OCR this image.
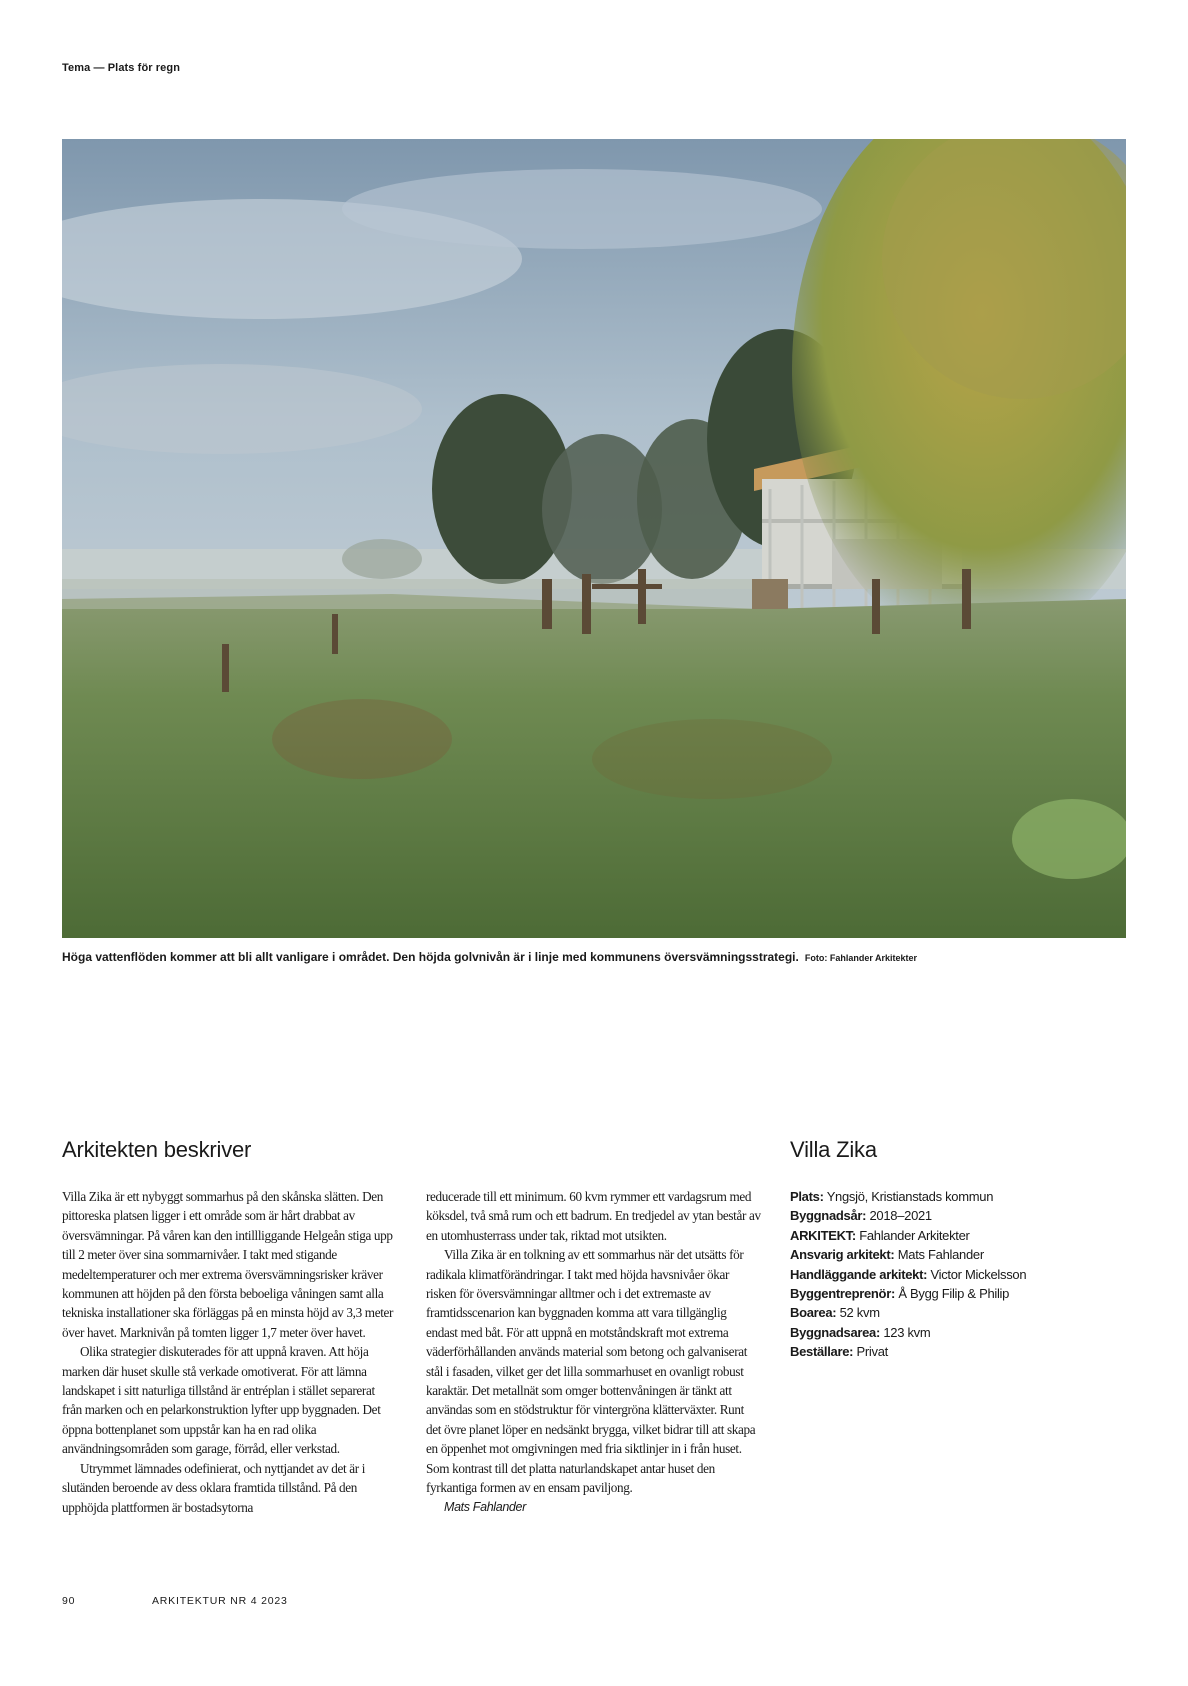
Tema — Plats för regn
Höga vattenflöden kommer att bli allt vanligare i området. Den höjda golvnivån är i linje med kommunens översvämningsstrategi. Foto: Fahlander Arkitekter
Arkitekten beskriver	Villa Zika

Villa Zika är ett nybyggt sommarhus på den skånska slätten. Den pittoreska platsen ligger i ett område som är hårt drabbat av översvämningar. På våren kan den intillliggande Helgeån stiga upp till 2 meter över sina sommarnivåer. I takt med stigande medeltemperaturer och mer extrema översvämningsrisker kräver kommunen att höjden på den första beboeliga våningen samt alla tekniska installationer ska förläggas på en minsta höjd av 3,3 meter över havet. Marknivån på tomten ligger 1,7 meter över havet.

Olika strategier diskuterades för att uppnå kraven. Att höja marken där huset skulle stå verkade omotiverat. För att lämna landskapet i sitt naturliga tillstånd är entréplan i stället separerat från marken och en pelarkonstruktion lyfter upp byggnaden. Det öppna bottenplanet som uppstår kan ha en rad olika användningsområden som garage, förråd, eller verkstad.

Utrymmet lämnades odefinierat, och nyttjandet av det är i slutänden beroende av dess oklara framtida tillstånd. På den upphöjda plattformen är bostadsytorna

reducerade till ett minimum. 60 kvm rymmer ett vardagsrum med köksdel, två små rum och ett badrum. En tredjedel av ytan består av en utomhusterrass under tak, riktad mot utsikten.

Villa Zika är en tolkning av ett sommarhus när det utsätts för radikala klimatförändringar. I takt med höjda havsnivåer ökar risken för översvämningar alltmer och i det extremaste av framtidsscenarion kan byggnaden komma att vara tillgänglig endast med båt. För att uppnå en motståndskraft mot extrema väderförhållanden används material som betong och galvaniserat stål i fasaden, vilket ger det lilla sommarhuset en ovanligt robust karaktär. Det metallnät som omger bottenvåningen är tänkt att användas som en stödstruktur för vintergröna klätterväxter. Runt det övre planet löper en nedsänkt brygga, vilket bidrar till att skapa en öppenhet mot omgivningen med fria siktlinjer in i från huset. Som kontrast till det platta naturlandskapet antar huset den fyrkantiga formen av en ensam paviljong.

Mats Fahlander

Plats: Yngsjö, Kristianstads kommun
Byggnadsår: 2018–2021
ARKITEKT: Fahlander Arkitekter
Ansvarig arkitekt: Mats Fahlander
Handläggande arkitekt: Victor Mickelsson
Byggentreprenör: Å Bygg Filip & Philip
Boarea: 52 kvm
Byggnadsarea: 123 kvm
Beställare: Privat
90	ARKITEKTUR NR 4 2023
